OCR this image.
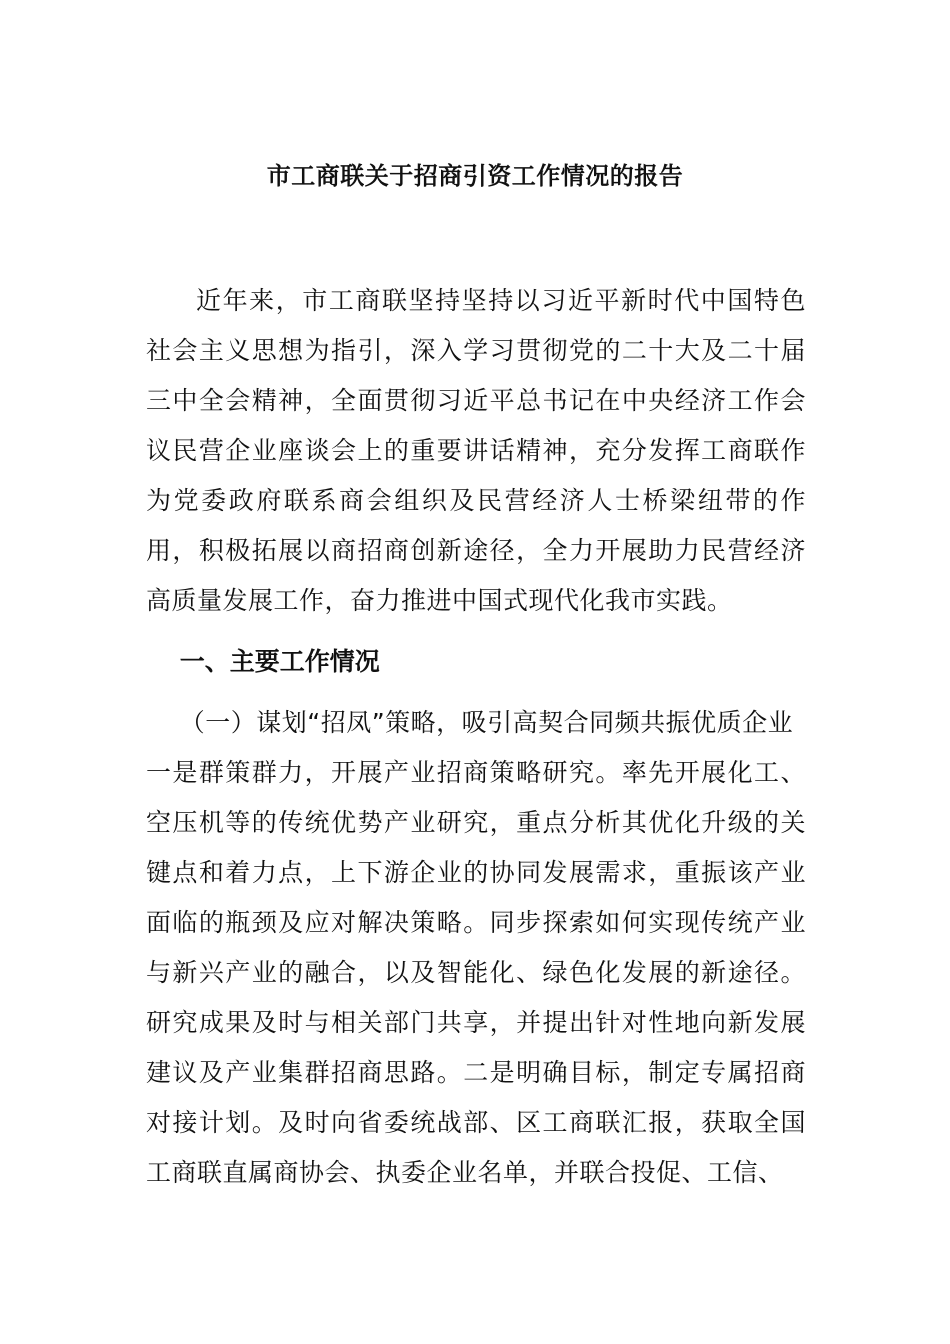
市工商联关于招商引资工作情况的报告

近年来，市工商联坚持坚持以习近平新时代中国特色社会主义思想为指引，深入学习贯彻党的二十大及二十届三中全会精神，全面贯彻习近平总书记在中央经济工作会议民营企业座谈会上的重要讲话精神，充分发挥工商联作为党委政府联系商会组织及民营经济人士桥梁纽带的作用，积极拓展以商招商创新途径，全力开展助力民营经济高质量发展工作，奋力推进中国式现代化我市实践。

一、主要工作情况

（一）谋划“招凤”策略，吸引高契合同频共振优质企业

一是群策群力，开展产业招商策略研究。率先开展化工、空压机等的传统优势产业研究，重点分析其优化升级的关键点和着力点，上下游企业的协同发展需求，重振该产业面临的瓶颈及应对解决策略。同步探索如何实现传统产业与新兴产业的融合，以及智能化、绿色化发展的新途径。研究成果及时与相关部门共享，并提出针对性地向新发展建议及产业集群招商思路。二是明确目标，制定专属招商对接计划。及时向省委统战部、区工商联汇报，获取全国工商联直属商协会、执委企业名单，并联合投促、工信、
